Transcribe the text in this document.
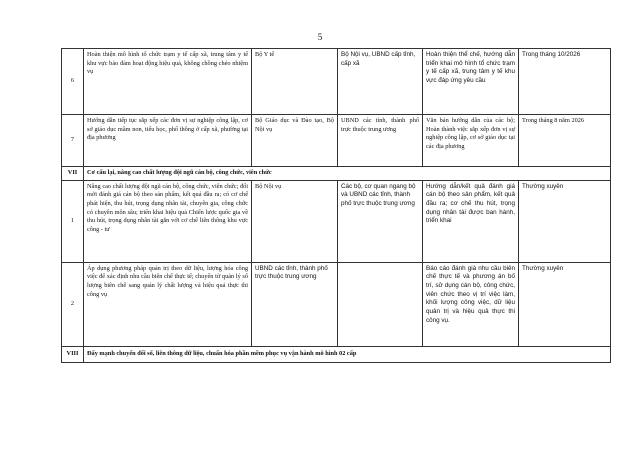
5
6	Hoàn thiện mô hình tổ chức trạm y tế cấp xã, trung tâm y tế khu vực bảo đảm hoạt động hiệu quả, không chồng chéo nhiệm vụ	Bộ Y tế	Bộ Nội vụ, UBND cấp tỉnh, cấp xã	Hoàn thiện thể chế, hướng dẫn triển khai mô hình tổ chức trạm y tế cấp xã, trung tâm y tế khu vực đáp ứng yêu cầu	Trong tháng 10/2026
7	Hướng dẫn tiếp tục sắp xếp các đơn vị sự nghiệp công lập, cơ sở giáo dục mầm non, tiểu học, phổ thông ở cấp xã, phường tại địa phương	Bộ Giáo dục và Đào tạo, Bộ Nội vụ	UBND các tỉnh, thành phố trực thuộc trung ương	Văn bản hướng dẫn của các bộ; Hoàn thành việc sắp xếp đơn vị sự nghiệp công lập, cơ sở giáo dục tại các địa phương	Trong tháng 8 năm 2026
VII	Cơ cấu lại, nâng cao chất lượng đội ngũ cán bộ, công chức, viên chức				
1	Nâng cao chất lượng đội ngũ cán bộ, công chức, viên chức; đổi mới đánh giá cán bộ theo sản phẩm, kết quả đầu ra; có cơ chế phát hiện, thu hút, trọng dụng nhân tài, chuyên gia, công chức có chuyên môn sâu; triển khai hiệu quả Chiến lược quốc gia về thu hút, trọng dụng nhân tài gắn với cơ chế liên thông khu vực công - tư	Bộ Nội vụ	Các bộ, cơ quan ngang bộ và UBND các tỉnh, thành phố trực thuộc trung ương	Hướng dẫn/kết quả đánh giá cán bộ theo sản phẩm, kết quả đầu ra; cơ chế thu hút, trọng dụng nhân tài được ban hành, triển khai	Thường xuyên
2	Áp dụng phương pháp quản trị theo dữ liệu, lượng hóa công việc để xác định nhu cầu biên chế thực tế; chuyển từ quản lý số lượng biên chế sang quản lý chất lượng và hiệu quả thực thi công vụ	UBND các tỉnh, thành phố trực thuộc trung ương		Báo cáo đánh giá nhu cầu biên chế thực tế và phương án bố trí, sử dụng cán bộ, công chức, viên chức theo vị trí việc làm, khối lượng công việc, dữ liệu quản trị và hiệu quả thực thi công vụ.	Thường xuyên
VIII	Đẩy mạnh chuyển đổi số, liên thông dữ liệu, chuẩn hóa phần mềm phục vụ vận hành mô hình 02 cấp				
